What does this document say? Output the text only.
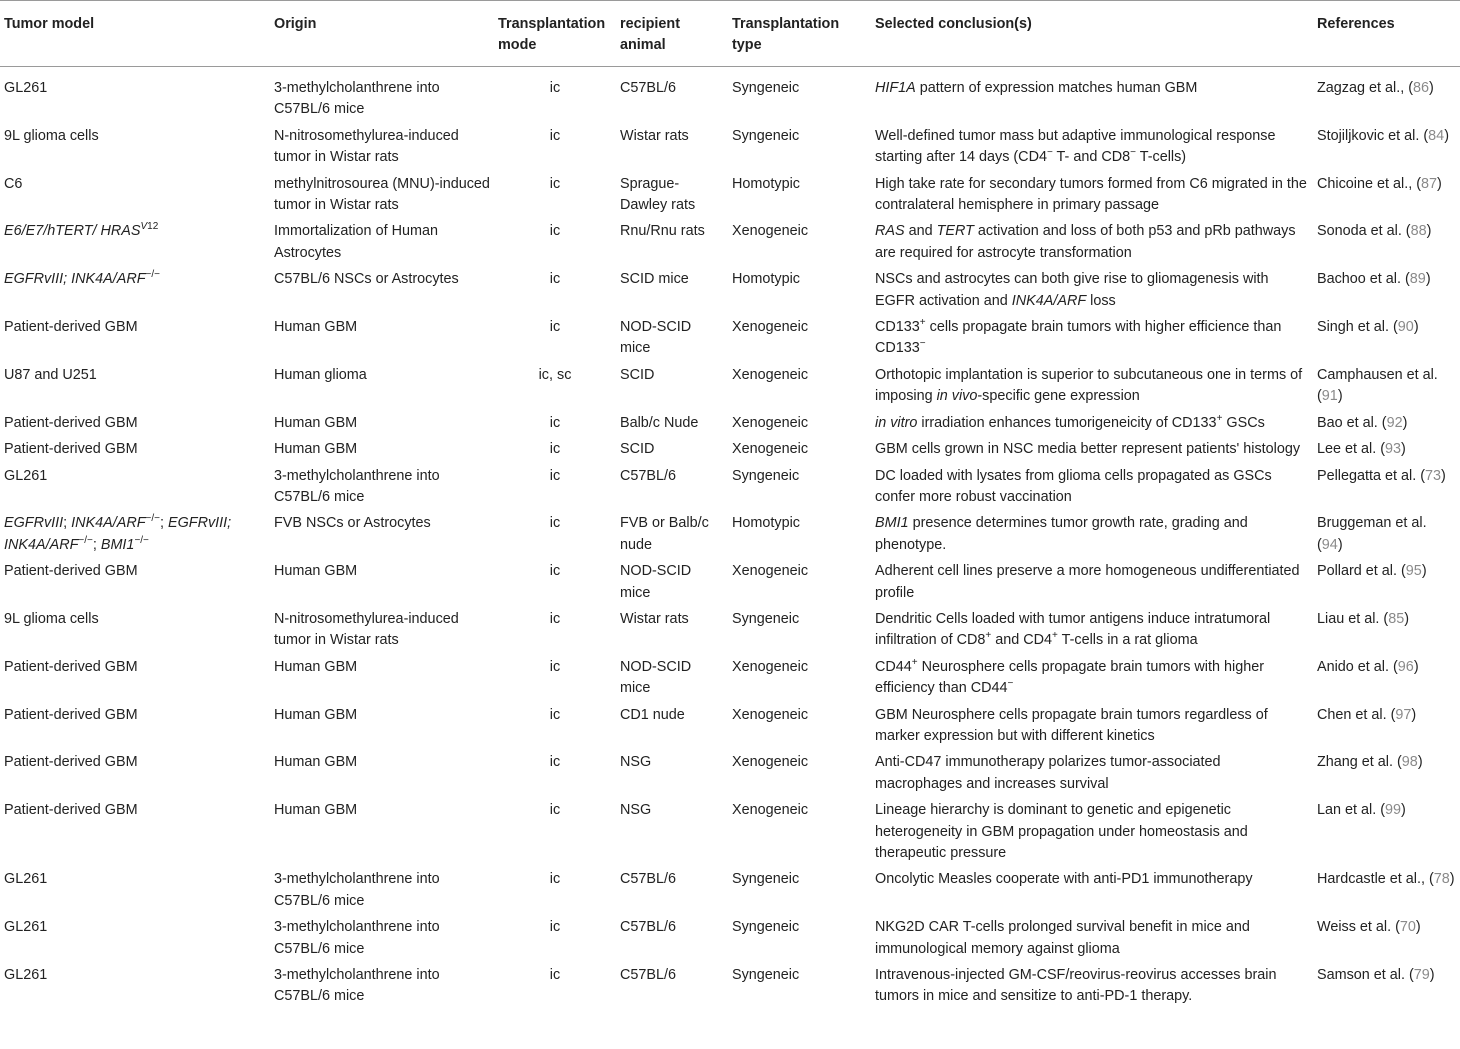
Tumor model	Origin	Transplantation mode	recipient animal	Transplantation type	Selected conclusion(s)	References
GL261	3-methylcholanthrene into C57BL/6 mice	ic	C57BL/6	Syngeneic	HIF1A pattern of expression matches human GBM	Zagzag et al., (86)
9L glioma cells	N-nitrosomethylurea-induced tumor in Wistar rats	ic	Wistar rats	Syngeneic	Well-defined tumor mass but adaptive immunological response starting after 14 days (CD4− T- and CD8− T-cells)	Stojiljkovic et al. (84)
C6	methylnitrosourea (MNU)-induced tumor in Wistar rats	ic	Sprague-Dawley rats	Homotypic	High take rate for secondary tumors formed from C6 migrated in the contralateral hemisphere in primary passage	Chicoine et al., (87)
E6/E7/hTERT/ $HRAS^{V12}$	Immortalization of Human Astrocytes	ic	Rnu/Rnu rats	Xenogeneic	RAS and TERT activation and loss of both p53 and pRb pathways are required for astrocyte transformation	Sonoda et al. (88)
EGFRvIII; INK4A/ARF−/−	C57BL/6 NSCs or Astrocytes	ic	SCID mice	Homotypic	NSCs and astrocytes can both give rise to gliomagenesis with EGFR activation and INK4A/ARF loss	Bachoo et al. (89)
Patient-derived GBM	Human GBM	ic	NOD-SCID mice	Xenogeneic	CD133+ cells propagate brain tumors with higher efficience than CD133−	Singh et al. (90)
U87 and U251	Human glioma	ic, sc	SCID	Xenogeneic	Orthotopic implantation is superior to subcutaneous one in terms of imposing in vivo-specific gene expression	Camphausen et al. (91)
Patient-derived GBM	Human GBM	ic	Balb/c Nude	Xenogeneic	in vitro irradiation enhances tumorigeneicity of CD133+ GSCs	Bao et al. (92)
Patient-derived GBM	Human GBM	ic	SCID	Xenogeneic	GBM cells grown in NSC media better represent patients' histology	Lee et al. (93)
GL261	3-methylcholanthrene into C57BL/6 mice	ic	C57BL/6	Syngeneic	DC loaded with lysates from glioma cells propagated as GSCs confer more robust vaccination	Pellegatta et al. (73)
EGFRvIII; INK4A/ARF−/−; EGFRvIII; INK4A/ARF−/−; BMI1−/−	FVB NSCs or Astrocytes	ic	FVB or Balb/c nude	Homotypic	BMI1 presence determines tumor growth rate, grading and phenotype.	Bruggeman et al. (94)
Patient-derived GBM	Human GBM	ic	NOD-SCID mice	Xenogeneic	Adherent cell lines preserve a more homogeneous undifferentiated profile	Pollard et al. (95)
9L glioma cells	N-nitrosomethylurea-induced tumor in Wistar rats	ic	Wistar rats	Syngeneic	Dendritic Cells loaded with tumor antigens induce intratumoral infiltration of CD8+ and CD4+ T-cells in a rat glioma	Liau et al. (85)
Patient-derived GBM	Human GBM	ic	NOD-SCID mice	Xenogeneic	CD44+ Neurosphere cells propagate brain tumors with higher efficiency than CD44−	Anido et al. (96)
Patient-derived GBM	Human GBM	ic	CD1 nude	Xenogeneic	GBM Neurosphere cells propagate brain tumors regardless of marker expression but with different kinetics	Chen et al. (97)
Patient-derived GBM	Human GBM	ic	NSG	Xenogeneic	Anti-CD47 immunotherapy polarizes tumor-associated macrophages and increases survival	Zhang et al. (98)
Patient-derived GBM	Human GBM	ic	NSG	Xenogeneic	Lineage hierarchy is dominant to genetic and epigenetic heterogeneity in GBM propagation under homeostasis and therapeutic pressure	Lan et al. (99)
GL261	3-methylcholanthrene into C57BL/6 mice	ic	C57BL/6	Syngeneic	Oncolytic Measles cooperate with anti-PD1 immunotherapy	Hardcastle et al., (78)
GL261	3-methylcholanthrene into C57BL/6 mice	ic	C57BL/6	Syngeneic	NKG2D CAR T-cells prolonged survival benefit in mice and immunological memory against glioma	Weiss et al. (70)
GL261	3-methylcholanthrene into C57BL/6 mice	ic	C57BL/6	Syngeneic	Intravenous-injected GM-CSF/reovirus-reovirus accesses brain tumors in mice and sensitize to anti-PD-1 therapy.	Samson et al. (79)
